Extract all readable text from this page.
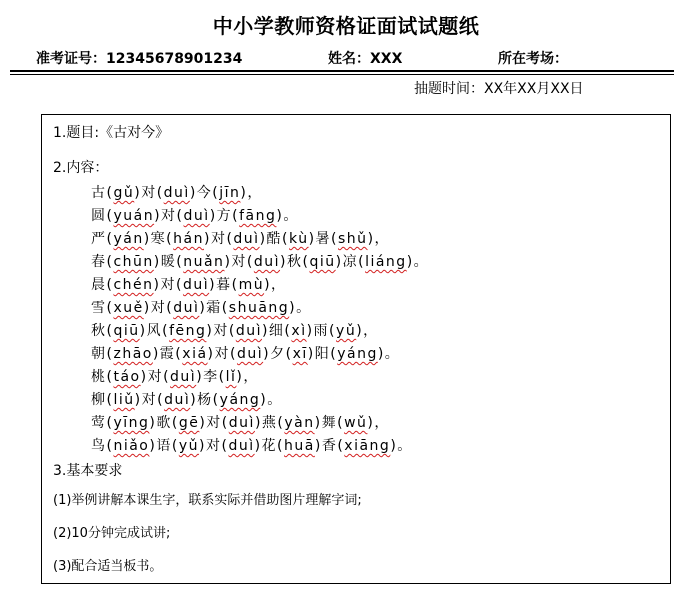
中小学教师资格证面试试题纸
准考证号：12345678901234	姓名：XXX	所在考场：
抽题时间：XX年XX月XX日
1.题目:《古对今》
2.内容：
古(gǔ)对(duì)今(jīn)，
圆(yuán)对(duì)方(fāng)。
严(yán)寒(hán)对(duì)酷(kù)暑(shǔ)，
春(chūn)暖(nuǎn)对(duì)秋(qiū)凉(liáng)。
晨(chén)对(duì)暮(mù)，
雪(xuě)对(duì)霜(shuāng)。
秋(qiū)风(fēng)对(duì)细(xì)雨(yǔ)，
朝(zhāo)霞(xiá)对(duì)夕(xī)阳(yáng)。
桃(táo)对(duì)李(lǐ)，
柳(liǔ)对(duì)杨(yáng)。
莺(yīng)歌(gē)对(duì)燕(yàn)舞(wǔ)，
鸟(niǎo)语(yǔ)对(duì)花(huā)香(xiāng)。
3.基本要求
(1)举例讲解本课生字，联系实际并借助图片理解字词;
(2)10分钟完成试讲;
(3)配合适当板书。
